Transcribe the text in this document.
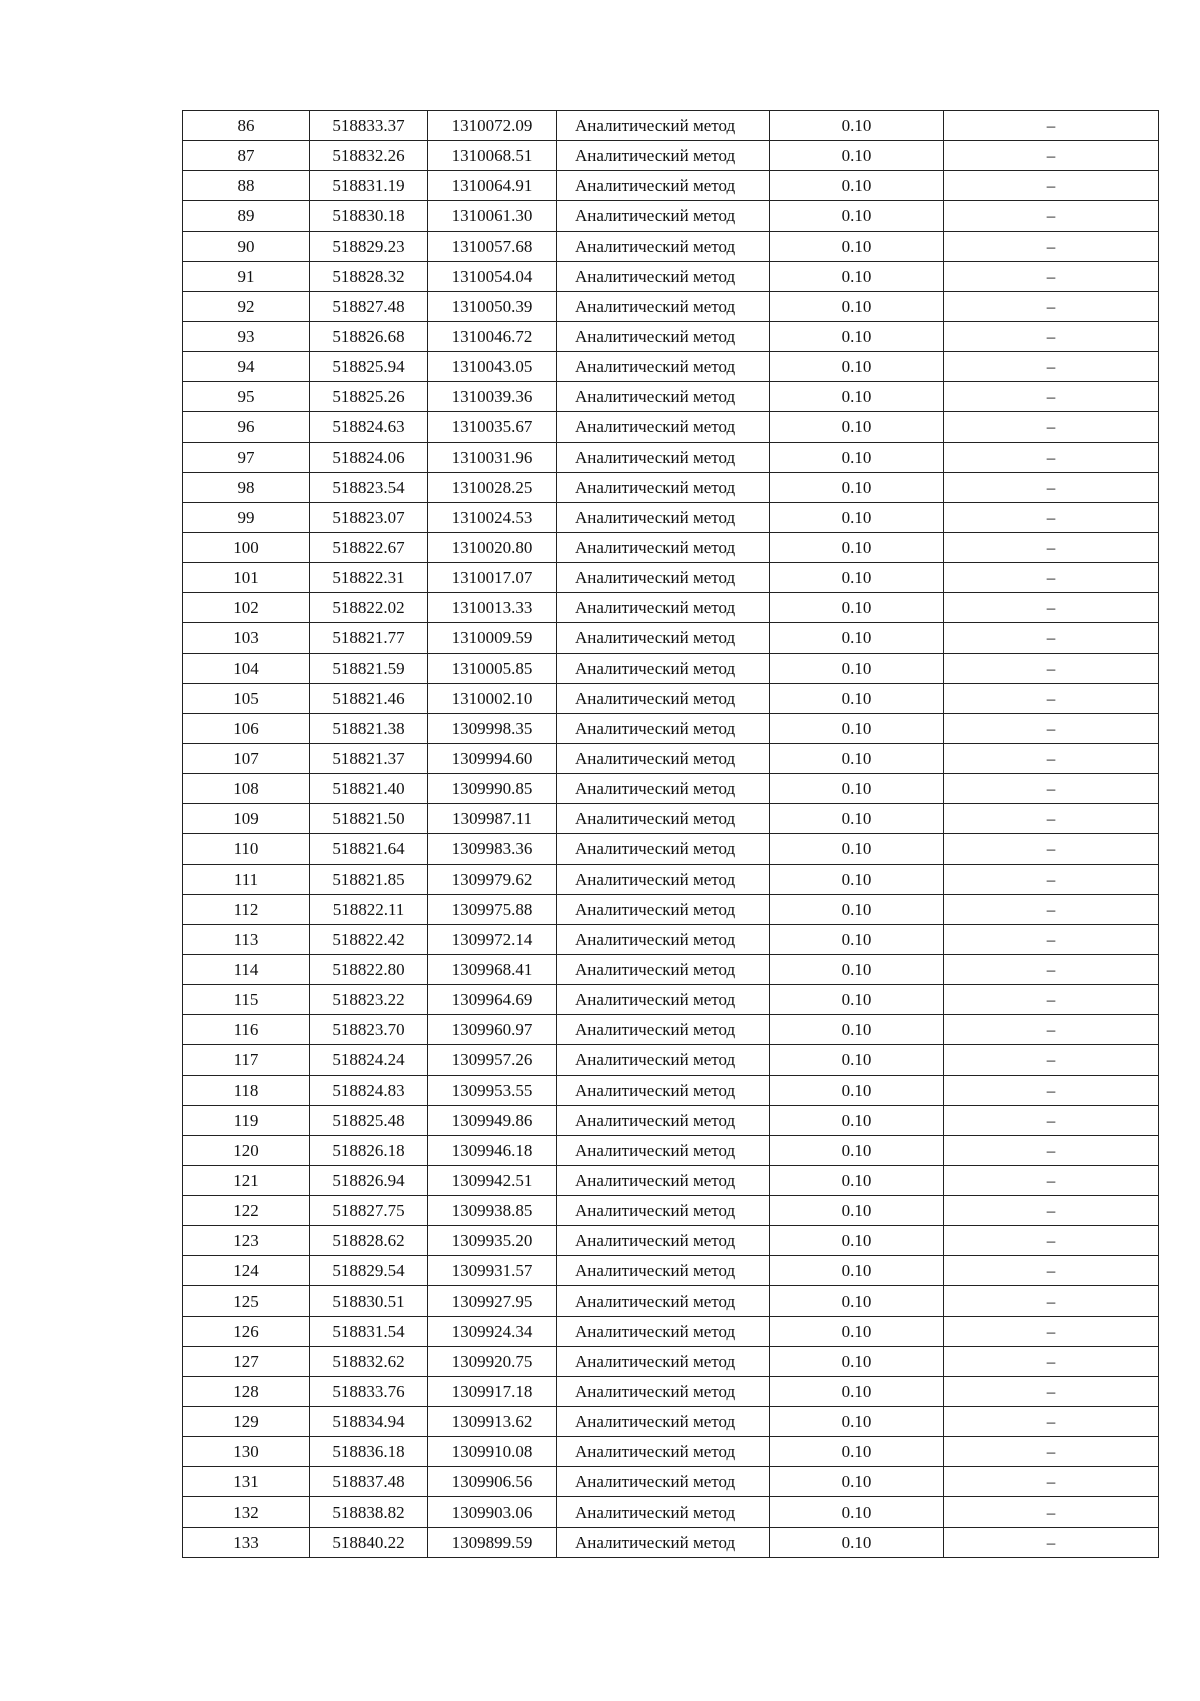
86	518833.37	1310072.09	Аналитический метод	0.10	–
87	518832.26	1310068.51	Аналитический метод	0.10	–
88	518831.19	1310064.91	Аналитический метод	0.10	–
89	518830.18	1310061.30	Аналитический метод	0.10	–
90	518829.23	1310057.68	Аналитический метод	0.10	–
91	518828.32	1310054.04	Аналитический метод	0.10	–
92	518827.48	1310050.39	Аналитический метод	0.10	–
93	518826.68	1310046.72	Аналитический метод	0.10	–
94	518825.94	1310043.05	Аналитический метод	0.10	–
95	518825.26	1310039.36	Аналитический метод	0.10	–
96	518824.63	1310035.67	Аналитический метод	0.10	–
97	518824.06	1310031.96	Аналитический метод	0.10	–
98	518823.54	1310028.25	Аналитический метод	0.10	–
99	518823.07	1310024.53	Аналитический метод	0.10	–
100	518822.67	1310020.80	Аналитический метод	0.10	–
101	518822.31	1310017.07	Аналитический метод	0.10	–
102	518822.02	1310013.33	Аналитический метод	0.10	–
103	518821.77	1310009.59	Аналитический метод	0.10	–
104	518821.59	1310005.85	Аналитический метод	0.10	–
105	518821.46	1310002.10	Аналитический метод	0.10	–
106	518821.38	1309998.35	Аналитический метод	0.10	–
107	518821.37	1309994.60	Аналитический метод	0.10	–
108	518821.40	1309990.85	Аналитический метод	0.10	–
109	518821.50	1309987.11	Аналитический метод	0.10	–
110	518821.64	1309983.36	Аналитический метод	0.10	–
111	518821.85	1309979.62	Аналитический метод	0.10	–
112	518822.11	1309975.88	Аналитический метод	0.10	–
113	518822.42	1309972.14	Аналитический метод	0.10	–
114	518822.80	1309968.41	Аналитический метод	0.10	–
115	518823.22	1309964.69	Аналитический метод	0.10	–
116	518823.70	1309960.97	Аналитический метод	0.10	–
117	518824.24	1309957.26	Аналитический метод	0.10	–
118	518824.83	1309953.55	Аналитический метод	0.10	–
119	518825.48	1309949.86	Аналитический метод	0.10	–
120	518826.18	1309946.18	Аналитический метод	0.10	–
121	518826.94	1309942.51	Аналитический метод	0.10	–
122	518827.75	1309938.85	Аналитический метод	0.10	–
123	518828.62	1309935.20	Аналитический метод	0.10	–
124	518829.54	1309931.57	Аналитический метод	0.10	–
125	518830.51	1309927.95	Аналитический метод	0.10	–
126	518831.54	1309924.34	Аналитический метод	0.10	–
127	518832.62	1309920.75	Аналитический метод	0.10	–
128	518833.76	1309917.18	Аналитический метод	0.10	–
129	518834.94	1309913.62	Аналитический метод	0.10	–
130	518836.18	1309910.08	Аналитический метод	0.10	–
131	518837.48	1309906.56	Аналитический метод	0.10	–
132	518838.82	1309903.06	Аналитический метод	0.10	–
133	518840.22	1309899.59	Аналитический метод	0.10	–
